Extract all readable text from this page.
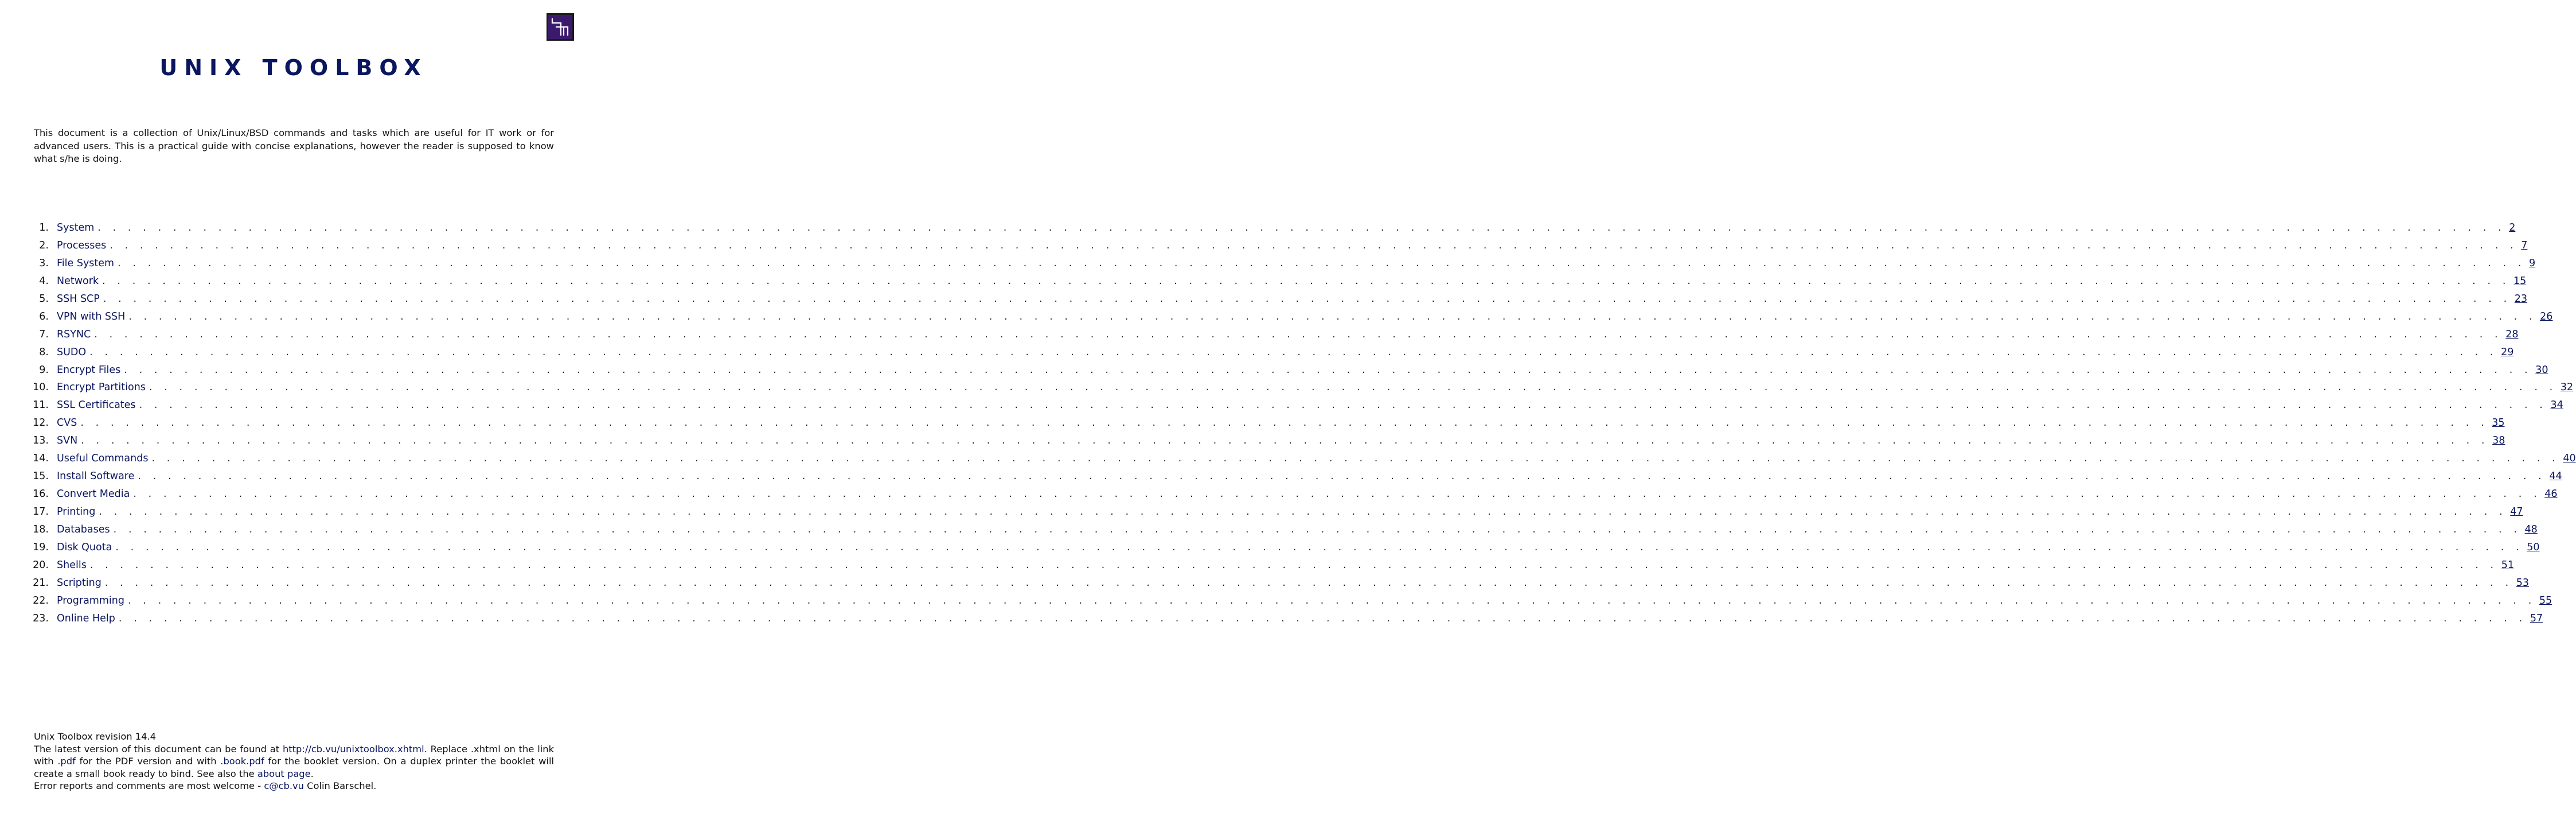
UNIX TOOLBOX

This document is a collection of Unix/Linux/BSD commands and tasks which are useful for IT work or for advanced users. This is a practical guide with concise explanations, however the reader is supposed to know what s/he is doing.

1. System . . . . . . . . . . . . . . . . . . . . . . . . . . . . . . . . . . . . . . . . . . . . . . . . . . . . . . . . . . . . . . . . . . . . . . . . . . . . . . . . . . . . . . . . . . . . . . . . . . . . . . . . . . . . . . . . . . . . . . . . . . . . . . . . . . . . . . . . . . . . . . . . . . . . . . . . . . . . . . . . 2
2. Processes . . . . . . . . . . . . . . . . . . . . . . . . . . . . . . . . . . . . . . . . . . . . . . . . . . . . . . . . . . . . . . . . . . . . . . . . . . . . . . . . . . . . . . . . . . . . . . . . . . . . . . . . . . . . . . . . . . . . . . . . . . . . . . . . . . . . . . . . . . . . . . . . . . . . . . . . . . . . . . . . 7
3. File System . . . . . . . . . . . . . . . . . . . . . . . . . . . . . . . . . . . . . . . . . . . . . . . . . . . . . . . . . . . . . . . . . . . . . . . . . . . . . . . . . . . . . . . . . . . . . . . . . . . . . . . . . . . . . . . . . . . . . . . . . . . . . . . . . . . . . . . . . . . . . . . . . . . . . . . . . . . . . . . . 9
4. Network . . . . . . . . . . . . . . . . . . . . . . . . . . . . . . . . . . . . . . . . . . . . . . . . . . . . . . . . . . . . . . . . . . . . . . . . . . . . . . . . . . . . . . . . . . . . . . . . . . . . . . . . . . . . . . . . . . . . . . . . . . . . . . . . . . . . . . . . . . . . . . . . . . . . . . . . . . . . . . . . 15
5. SSH SCP . . . . . . . . . . . . . . . . . . . . . . . . . . . . . . . . . . . . . . . . . . . . . . . . . . . . . . . . . . . . . . . . . . . . . . . . . . . . . . . . . . . . . . . . . . . . . . . . . . . . . . . . . . . . . . . . . . . . . . . . . . . . . . . . . . . . . . . . . . . . . . . . . . . . . . . . . . . . . . . . 23
6. VPN with SSH . . . . . . . . . . . . . . . . . . . . . . . . . . . . . . . . . . . . . . . . . . . . . . . . . . . . . . . . . . . . . . . . . . . . . . . . . . . . . . . . . . . . . . . . . . . . . . . . . . . . . . . . . . . . . . . . . . . . . . . . . . . . . . . . . . . . . . . . . . . . . . . . . . . . . . . . . . . . . . . . 26
7. RSYNC . . . . . . . . . . . . . . . . . . . . . . . . . . . . . . . . . . . . . . . . . . . . . . . . . . . . . . . . . . . . . . . . . . . . . . . . . . . . . . . . . . . . . . . . . . . . . . . . . . . . . . . . . . . . . . . . . . . . . . . . . . . . . . . . . . . . . . . . . . . . . . . . . . . . . . . . . . . . . . . . 28
8. SUDO . . . . . . . . . . . . . . . . . . . . . . . . . . . . . . . . . . . . . . . . . . . . . . . . . . . . . . . . . . . . . . . . . . . . . . . . . . . . . . . . . . . . . . . . . . . . . . . . . . . . . . . . . . . . . . . . . . . . . . . . . . . . . . . . . . . . . . . . . . . . . . . . . . . . . . . . . . . . . . . . 29
9. Encrypt Files . . . . . . . . . . . . . . . . . . . . . . . . . . . . . . . . . . . . . . . . . . . . . . . . . . . . . . . . . . . . . . . . . . . . . . . . . . . . . . . . . . . . . . . . . . . . . . . . . . . . . . . . . . . . . . . . . . . . . . . . . . . . . . . . . . . . . . . . . . . . . . . . . . . . . . . . . . . . . . . . 30
10. Encrypt Partitions . . . . . . . . . . . . . . . . . . . . . . . . . . . . . . . . . . . . . . . . . . . . . . . . . . . . . . . . . . . . . . . . . . . . . . . . . . . . . . . . . . . . . . . . . . . . . . . . . . . . . . . . . . . . . . . . . . . . . . . . . . . . . . . . . . . . . . . . . . . . . . . . . . . . . . . . . . . . . . . . 32
11. SSL Certificates . . . . . . . . . . . . . . . . . . . . . . . . . . . . . . . . . . . . . . . . . . . . . . . . . . . . . . . . . . . . . . . . . . . . . . . . . . . . . . . . . . . . . . . . . . . . . . . . . . . . . . . . . . . . . . . . . . . . . . . . . . . . . . . . . . . . . . . . . . . . . . . . . . . . . . . . . . . . . . . . 34
12. CVS . . . . . . . . . . . . . . . . . . . . . . . . . . . . . . . . . . . . . . . . . . . . . . . . . . . . . . . . . . . . . . . . . . . . . . . . . . . . . . . . . . . . . . . . . . . . . . . . . . . . . . . . . . . . . . . . . . . . . . . . . . . . . . . . . . . . . . . . . . . . . . . . . . . . . . . . . . . . . . . . 35
13. SVN . . . . . . . . . . . . . . . . . . . . . . . . . . . . . . . . . . . . . . . . . . . . . . . . . . . . . . . . . . . . . . . . . . . . . . . . . . . . . . . . . . . . . . . . . . . . . . . . . . . . . . . . . . . . . . . . . . . . . . . . . . . . . . . . . . . . . . . . . . . . . . . . . . . . . . . . . . . . . . . . 38
14. Useful Commands . . . . . . . . . . . . . . . . . . . . . . . . . . . . . . . . . . . . . . . . . . . . . . . . . . . . . . . . . . . . . . . . . . . . . . . . . . . . . . . . . . . . . . . . . . . . . . . . . . . . . . . . . . . . . . . . . . . . . . . . . . . . . . . . . . . . . . . . . . . . . . . . . . . . . . . . . . . . . . . . 40
15. Install Software . . . . . . . . . . . . . . . . . . . . . . . . . . . . . . . . . . . . . . . . . . . . . . . . . . . . . . . . . . . . . . . . . . . . . . . . . . . . . . . . . . . . . . . . . . . . . . . . . . . . . . . . . . . . . . . . . . . . . . . . . . . . . . . . . . . . . . . . . . . . . . . . . . . . . . . . . . . . . . . . 44
16. Convert Media . . . . . . . . . . . . . . . . . . . . . . . . . . . . . . . . . . . . . . . . . . . . . . . . . . . . . . . . . . . . . . . . . . . . . . . . . . . . . . . . . . . . . . . . . . . . . . . . . . . . . . . . . . . . . . . . . . . . . . . . . . . . . . . . . . . . . . . . . . . . . . . . . . . . . . . . . . . . . . . . 46
17. Printing . . . . . . . . . . . . . . . . . . . . . . . . . . . . . . . . . . . . . . . . . . . . . . . . . . . . . . . . . . . . . . . . . . . . . . . . . . . . . . . . . . . . . . . . . . . . . . . . . . . . . . . . . . . . . . . . . . . . . . . . . . . . . . . . . . . . . . . . . . . . . . . . . . . . . . . . . . . . . . . . 47
18. Databases . . . . . . . . . . . . . . . . . . . . . . . . . . . . . . . . . . . . . . . . . . . . . . . . . . . . . . . . . . . . . . . . . . . . . . . . . . . . . . . . . . . . . . . . . . . . . . . . . . . . . . . . . . . . . . . . . . . . . . . . . . . . . . . . . . . . . . . . . . . . . . . . . . . . . . . . . . . . . . . . 48
19. Disk Quota . . . . . . . . . . . . . . . . . . . . . . . . . . . . . . . . . . . . . . . . . . . . . . . . . . . . . . . . . . . . . . . . . . . . . . . . . . . . . . . . . . . . . . . . . . . . . . . . . . . . . . . . . . . . . . . . . . . . . . . . . . . . . . . . . . . . . . . . . . . . . . . . . . . . . . . . . . . . . . . . 50
20. Shells . . . . . . . . . . . . . . . . . . . . . . . . . . . . . . . . . . . . . . . . . . . . . . . . . . . . . . . . . . . . . . . . . . . . . . . . . . . . . . . . . . . . . . . . . . . . . . . . . . . . . . . . . . . . . . . . . . . . . . . . . . . . . . . . . . . . . . . . . . . . . . . . . . . . . . . . . . . . . . . . 51
21. Scripting . . . . . . . . . . . . . . . . . . . . . . . . . . . . . . . . . . . . . . . . . . . . . . . . . . . . . . . . . . . . . . . . . . . . . . . . . . . . . . . . . . . . . . . . . . . . . . . . . . . . . . . . . . . . . . . . . . . . . . . . . . . . . . . . . . . . . . . . . . . . . . . . . . . . . . . . . . . . . . . . 53
22. Programming . . . . . . . . . . . . . . . . . . . . . . . . . . . . . . . . . . . . . . . . . . . . . . . . . . . . . . . . . . . . . . . . . . . . . . . . . . . . . . . . . . . . . . . . . . . . . . . . . . . . . . . . . . . . . . . . . . . . . . . . . . . . . . . . . . . . . . . . . . . . . . . . . . . . . . . . . . . . . . . . 55
23. Online Help . . . . . . . . . . . . . . . . . . . . . . . . . . . . . . . . . . . . . . . . . . . . . . . . . . . . . . . . . . . . . . . . . . . . . . . . . . . . . . . . . . . . . . . . . . . . . . . . . . . . . . . . . . . . . . . . . . . . . . . . . . . . . . . . . . . . . . . . . . . . . . . . . . . . . . . . . . . . . . . . 57

Unix Toolbox revision 14.4

The latest version of this document can be found at http://cb.vu/unixtoolbox.xhtml. Replace .xhtml on the link with .pdf for the PDF version and with .book.pdf for the booklet version. On a duplex printer the booklet will create a small book ready to bind. See also the about page.

Error reports and comments are most welcome - c@cb.vu Colin Barschel.
